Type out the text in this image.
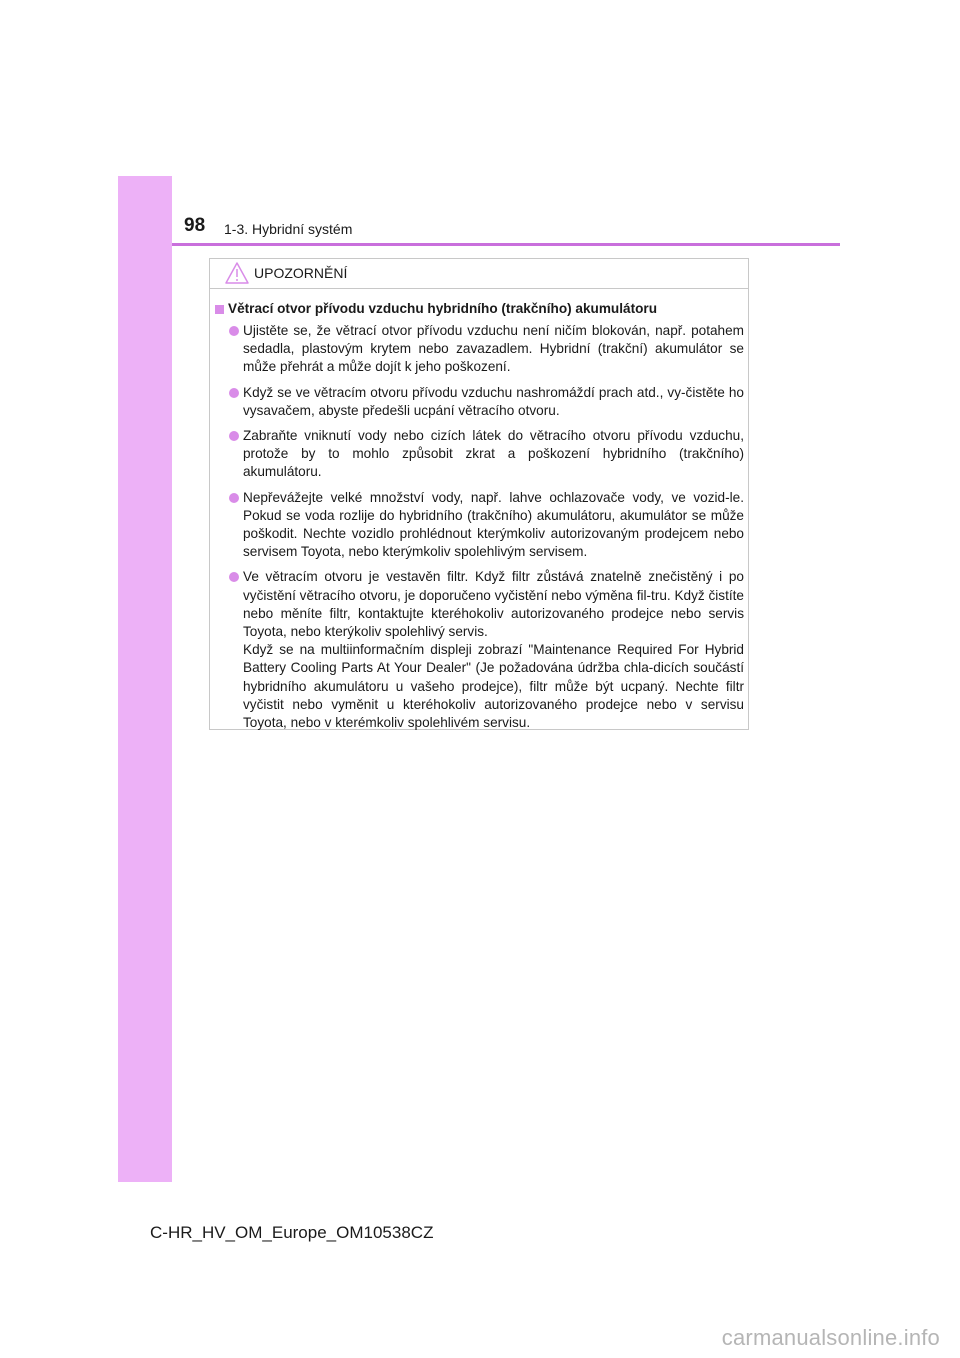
98 1-3. Hybridní systém
UPOZORNĚNÍ
Větrací otvor přívodu vzduchu hybridního (trakčního) akumulátoru
Ujistěte se, že větrací otvor přívodu vzduchu není ničím blokován, např. potahem sedadla, plastovým krytem nebo zavazadlem. Hybridní (trakční) akumulátor se může přehrát a může dojít k jeho poškození.
Když se ve větracím otvoru přívodu vzduchu nashromáždí prach atd., vy-čistěte ho vysavačem, abyste předešli ucpání větracího otvoru.
Zabraňte vniknutí vody nebo cizích látek do větracího otvoru přívodu vzduchu, protože by to mohlo způsobit zkrat a poškození hybridního (trakčního) akumulátoru.
Nepřevážejte velké množství vody, např. lahve ochlazovače vody, ve vozid-le. Pokud se voda rozlije do hybridního (trakčního) akumulátoru, akumulátor se může poškodit. Nechte vozidlo prohlédnout kterýmkoliv autorizovaným prodejcem nebo servisem Toyota, nebo kterýmkoliv spolehlivým servisem.
Ve větracím otvoru je vestavěn filtr. Když filtr zůstává znatelně znečistěný i po vyčistění větracího otvoru, je doporučeno vyčistění nebo výměna fil-tru. Když čistíte nebo měníte filtr, kontaktujte kteréhokoliv autorizovaného prodejce nebo servis Toyota, nebo kterýkoliv spolehlivý servis.
Když se na multiinformačním displeji zobrazí "Maintenance Required For Hybrid Battery Cooling Parts At Your Dealer" (Je požadována údržba chla-dicích součástí hybridního akumulátoru u vašeho prodejce), filtr může být ucpaný. Nechte filtr vyčistit nebo vyměnit u kteréhokoliv autorizovaného prodejce nebo v servisu Toyota, nebo v kterémkoliv spolehlivém servisu.
C-HR_HV_OM_Europe_OM10538CZ
carmanualsonline.info
